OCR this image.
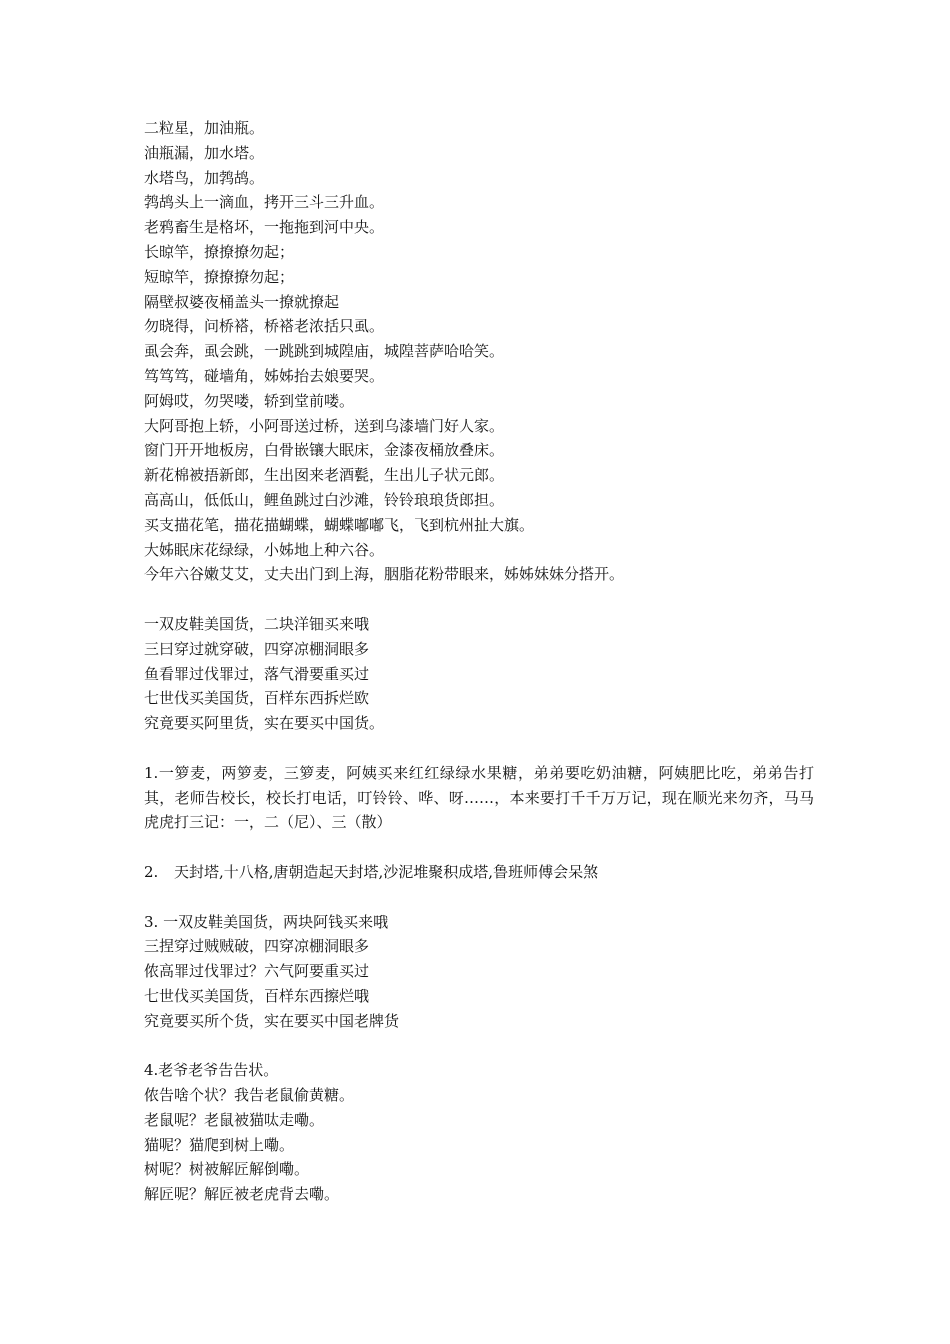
二粒星，加油瓶。
油瓶漏，加水塔。
水塔鸟，加鹁鸪。
鹁鸪头上一滴血，拷开三斗三升血。
老鸦畜生是格坏，一拖拖到河中央。
长晾竿，撩撩撩勿起；
短晾竿，撩撩撩勿起；
隔壁叔婆夜桶盖头一撩就撩起
勿晓得，问桥褡，桥褡老浓括只虱。
虱会奔，虱会跳，一跳跳到城隍庙，城隍菩萨哈哈笑。
笃笃笃，碰墙角，姊姊抬去娘要哭。
阿姆哎，勿哭喽，轿到堂前喽。
大阿哥抱上轿，小阿哥送过桥，送到乌漆墙门好人家。
窗门开开地板房，白骨嵌镶大眠床，金漆夜桶放叠床。
新花棉被捂新郎，生出囡来老酒甏，生出儿子状元郎。
高高山，低低山，鲤鱼跳过白沙滩，铃铃琅琅货郎担。
买支描花笔，描花描蝴蝶，蝴蝶嘟嘟飞，飞到杭州扯大旗。
大姊眠床花绿绿，小姊地上种六谷。
今年六谷嫩艾艾，丈夫出门到上海，胭脂花粉带眼来，姊姊妹妹分搭开。
一双皮鞋美国货，二块洋钿买来哦
三曰穿过就穿破，四穿凉棚洞眼多
鱼看罪过伐罪过，落气滑要重买过
七世伐买美国货，百样东西拆烂欧
究竟要买阿里货，实在要买中国货。
1.一箩麦，两箩麦，三箩麦，阿姨买来红红绿绿水果糖，弟弟要吃奶油糖，阿姨肥比吃，弟弟告打其，老师告校长，校长打电话，叮铃铃、哗、呀……，本来要打千千万万记，现在顺光来勿齐，马马虎虎打三记：一，二（尼）、三（散）
2. 天封塔,十八格,唐朝造起天封塔,沙泥堆聚积成塔,鲁班师傅会呆煞
3. 一双皮鞋美国货，两块阿钱买来哦
三捏穿过贼贼破，四穿凉棚洞眼多
侬高罪过伐罪过？六气阿要重买过
七世伐买美国货，百样东西擦烂哦
究竟要买所个货，实在要买中国老牌货
4.老爷老爷告告状。
侬告啥个状？我告老鼠偷黄糖。
老鼠呢？老鼠被猫呔走嘞。
猫呢？猫爬到树上嘞。
树呢？树被解匠解倒嘞。
解匠呢？解匠被老虎背去嘞。
